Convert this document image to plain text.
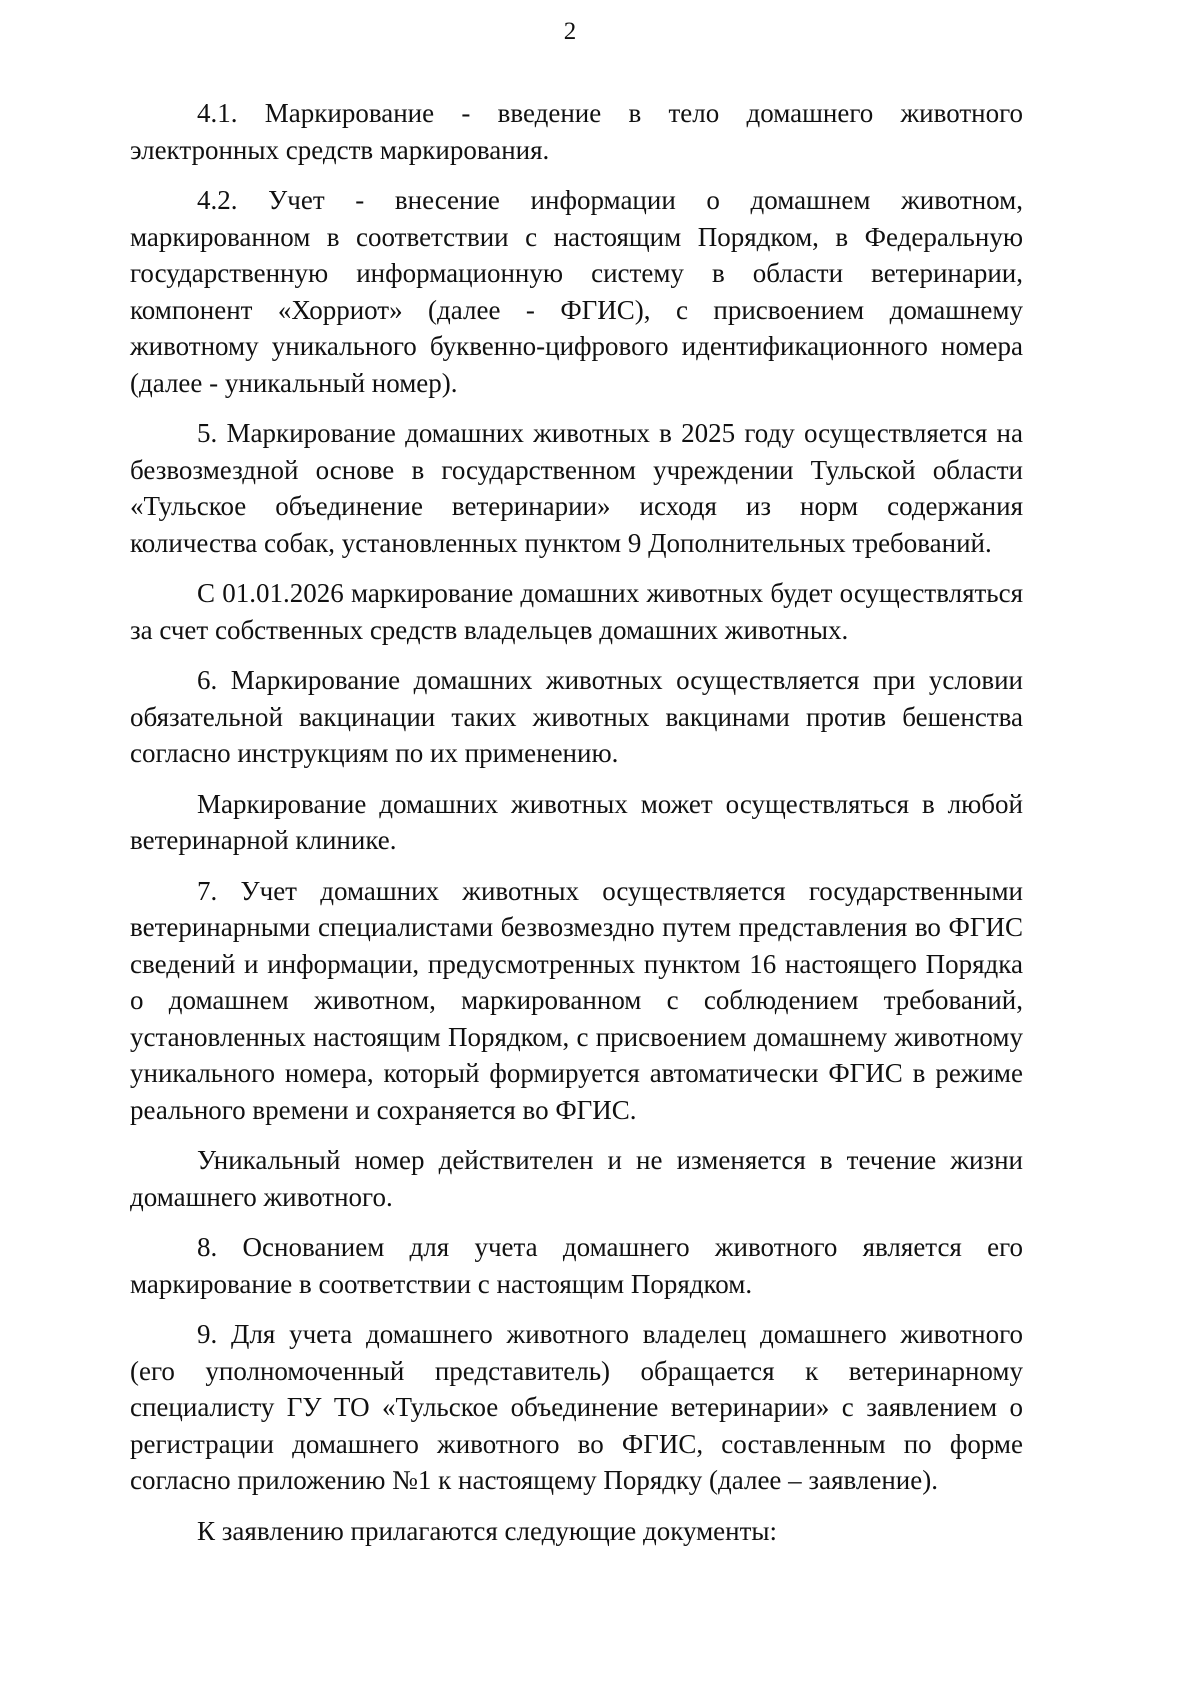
2

4.1. Маркирование - введение в тело домашнего животного электронных средств маркирования.

4.2. Учет - внесение информации о домашнем животном, маркированном в соответствии с настоящим Порядком, в Федеральную государственную информационную систему в области ветеринарии, компонент «Хорриот» (далее - ФГИС), с присвоением домашнему животному уникального буквенно-цифрового идентификационного номера (далее - уникальный номер).

5. Маркирование домашних животных в 2025 году осуществляется на безвозмездной основе в государственном учреждении Тульской области «Тульское объединение ветеринарии» исходя из норм содержания количества собак, установленных пунктом 9 Дополнительных требований.

С 01.01.2026 маркирование домашних животных будет осуществляться за счет собственных средств владельцев домашних животных.

6. Маркирование домашних животных осуществляется при условии обязательной вакцинации таких животных вакцинами против бешенства согласно инструкциям по их применению.

Маркирование домашних животных может осуществляться в любой ветеринарной клинике.

7. Учет домашних животных осуществляется государственными ветеринарными специалистами безвозмездно путем представления во ФГИС сведений и информации, предусмотренных пунктом 16 настоящего Порядка о домашнем животном, маркированном с соблюдением требований, установленных настоящим Порядком, с присвоением домашнему животному уникального номера, который формируется автоматически ФГИС в режиме реального времени и сохраняется во ФГИС.

Уникальный номер действителен и не изменяется в течение жизни домашнего животного.

8. Основанием для учета домашнего животного является его маркирование в соответствии с настоящим Порядком.

9. Для учета домашнего животного владелец домашнего животного (его уполномоченный представитель) обращается к ветеринарному специалисту ГУ ТО «Тульское объединение ветеринарии» с заявлением о регистрации домашнего животного во ФГИС, составленным по форме согласно приложению №1 к настоящему Порядку (далее – заявление).

К заявлению прилагаются следующие документы:
